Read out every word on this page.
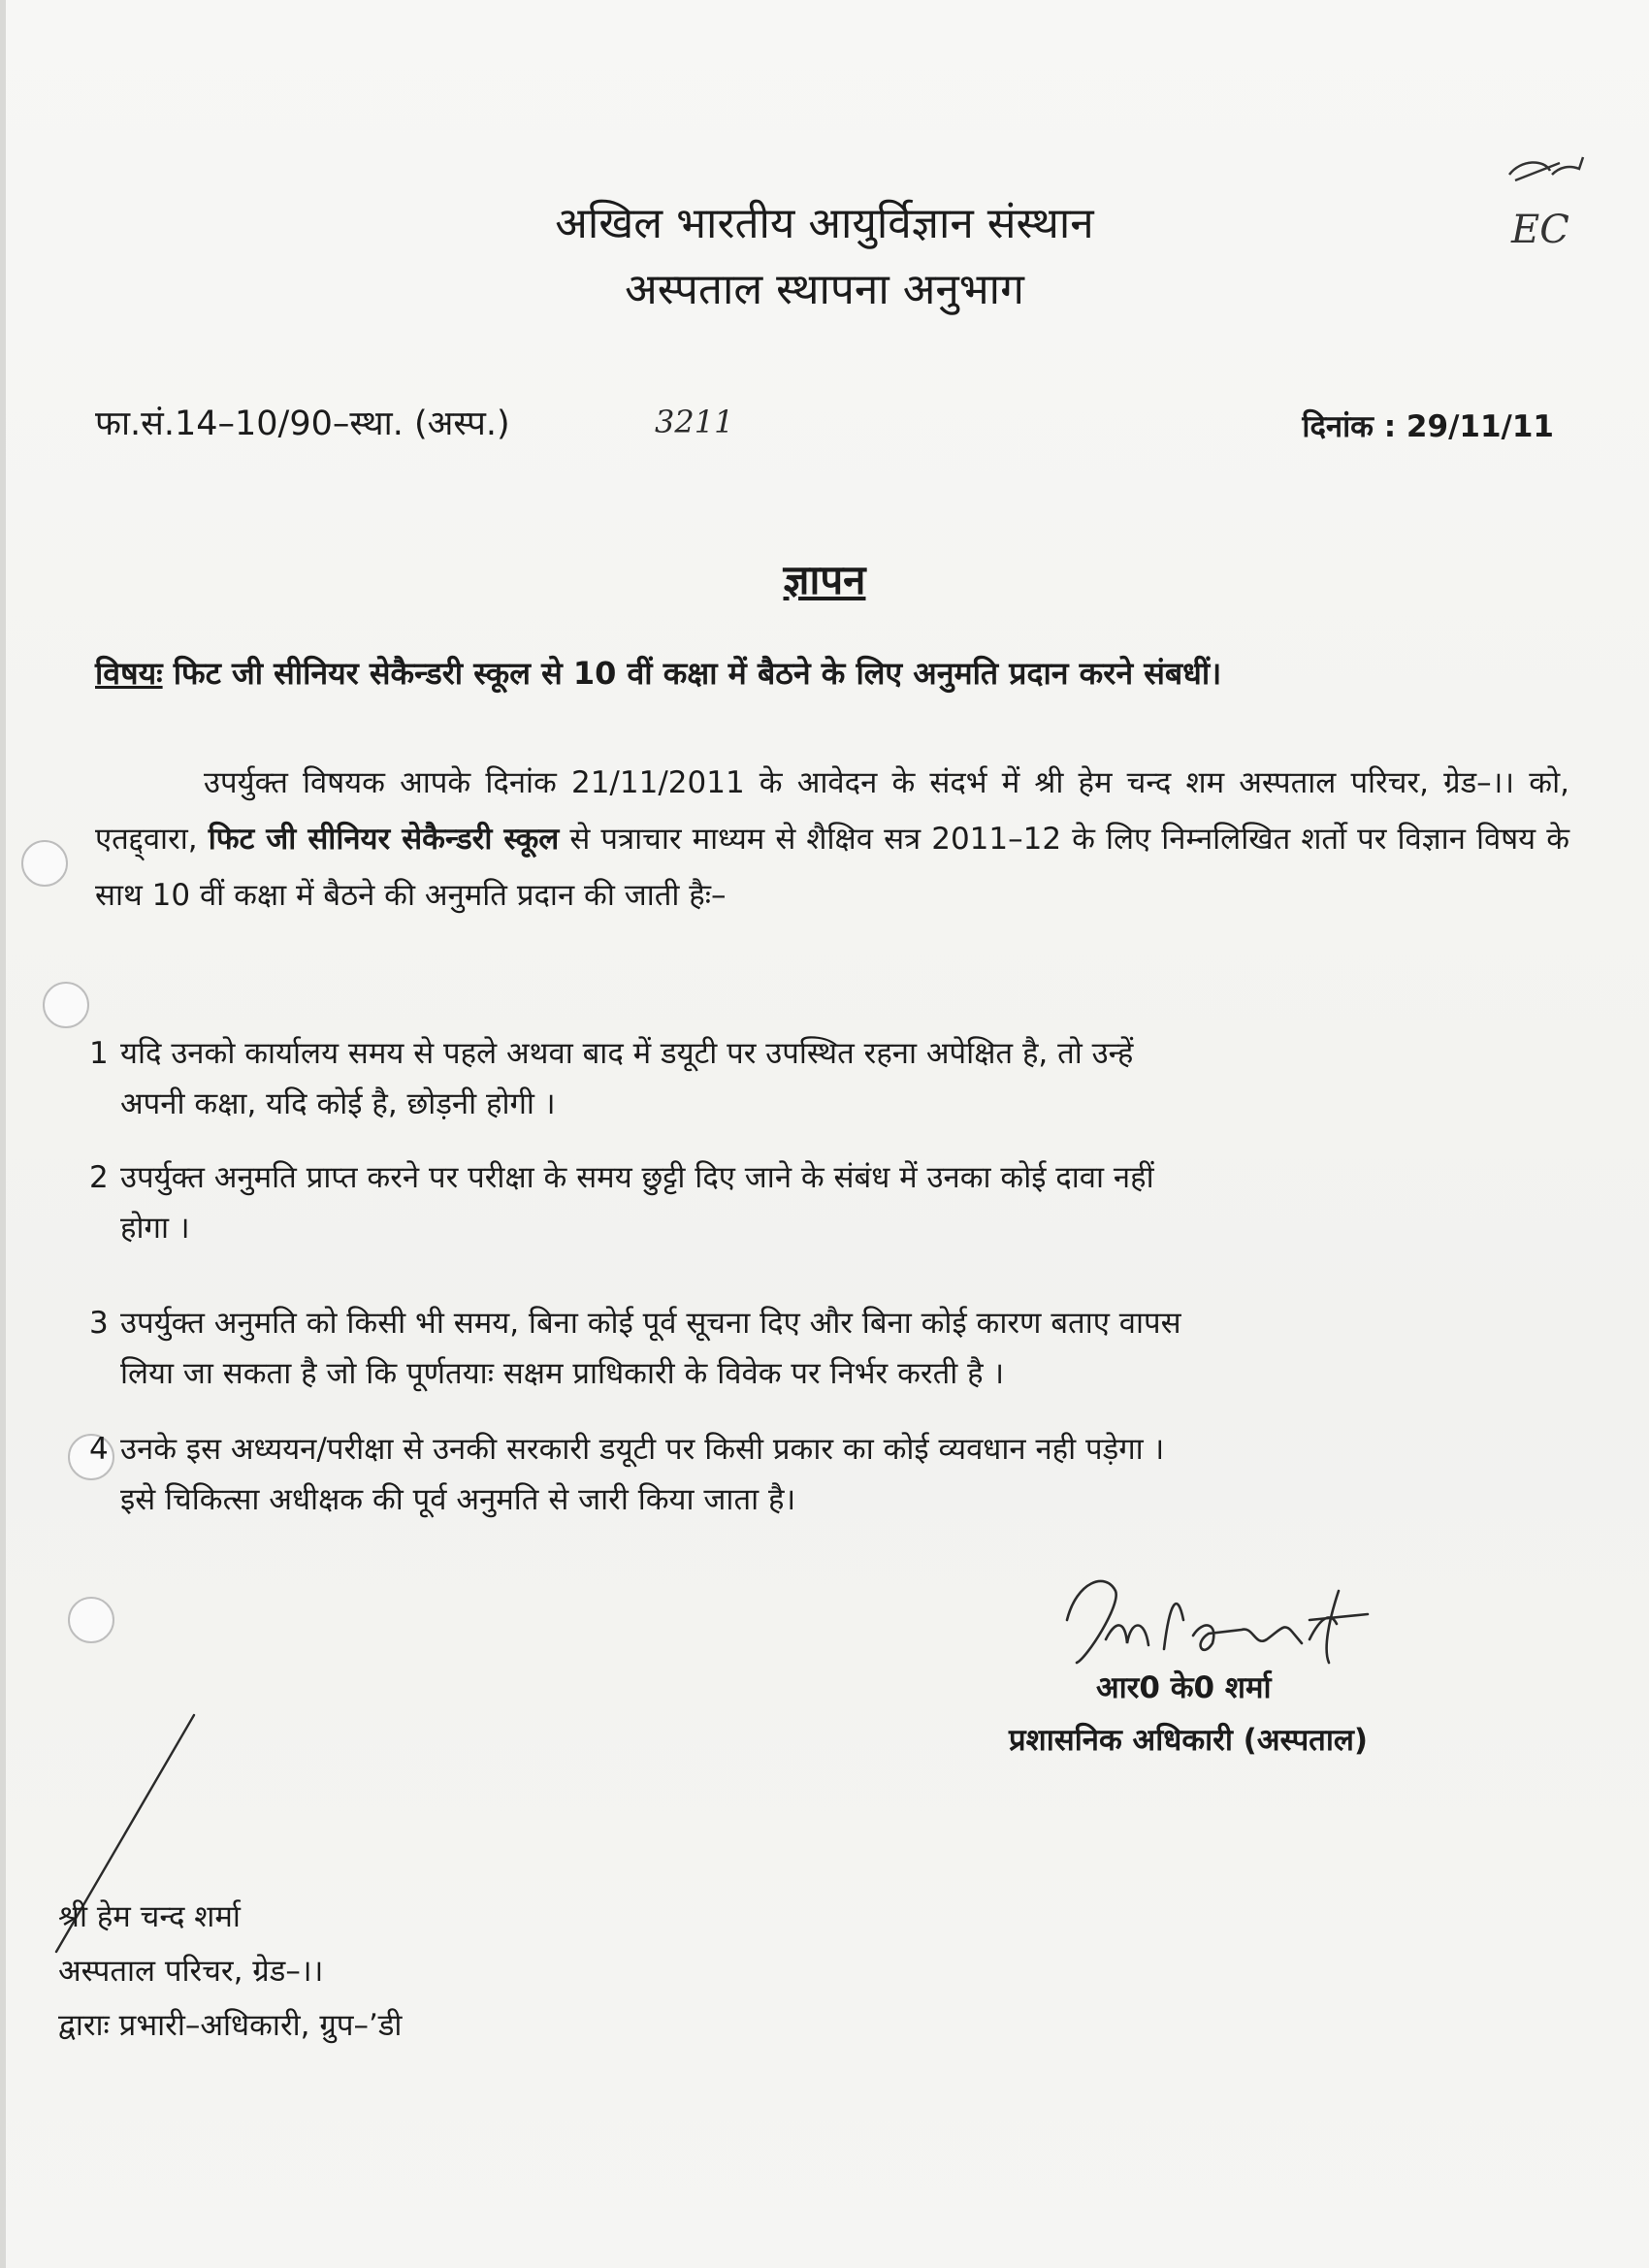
EC
अखिल भारतीय आयुर्विज्ञान संस्थान
अस्पताल स्थापना अनुभाग
फा.सं.14–10/90–स्था. (अस्प.)	3211	दिनांक : 29/11/11
ज्ञापन
विषयः फिट जी सीनियर सेकैन्डरी स्कूल से 10 वीं कक्षा में बैठने के लिए अनुमति प्रदान करने संबधीं।

उपर्युक्त विषयक आपके दिनांक 21/11/2011 के आवेदन के संदर्भ में श्री हेम चन्द शम अस्पताल परिचर, ग्रेड–।। को, एतद्द्वारा, फिट जी सीनियर सेकैन्डरी स्कूल से पत्राचार माध्यम से शैक्षिव सत्र 2011–12 के लिए निम्नलिखित शर्तो पर विज्ञान विषय के साथ 10 वीं कक्षा में बैठने की अनुमति प्रदान की जाती हैः–

1 यदि उनको कार्यालय समय से पहले अथवा बाद में डयूटी पर उपस्थित रहना अपेक्षित है, तो उन्हें
अपनी कक्षा, यदि कोई है, छोड़नी होगी ।
2 उपर्युक्त अनुमति प्राप्त करने पर परीक्षा के समय छुट्टी दिए जाने के संबंध में उनका कोई दावा नहीं
होगा ।
3 उपर्युक्त अनुमति को किसी भी समय, बिना कोई पूर्व सूचना दिए और बिना कोई कारण बताए वापस
लिया जा सकता है जो कि पूर्णतयाः सक्षम प्राधिकारी के विवेक पर निर्भर करती है ।
4 उनके इस अध्ययन/परीक्षा से उनकी सरकारी डयूटी पर किसी प्रकार का कोई व्यवधान नही पड़ेगा ।
इसे चिकित्सा अधीक्षक की पूर्व अनुमति से जारी किया जाता है।
आर0 के0 शर्मा
प्रशासनिक अधिकारी (अस्पताल)
श्री हेम चन्द शर्मा
अस्पताल परिचर, ग्रेड–।।
द्वाराः प्रभारी–अधिकारी, ग्रुप–’डी
